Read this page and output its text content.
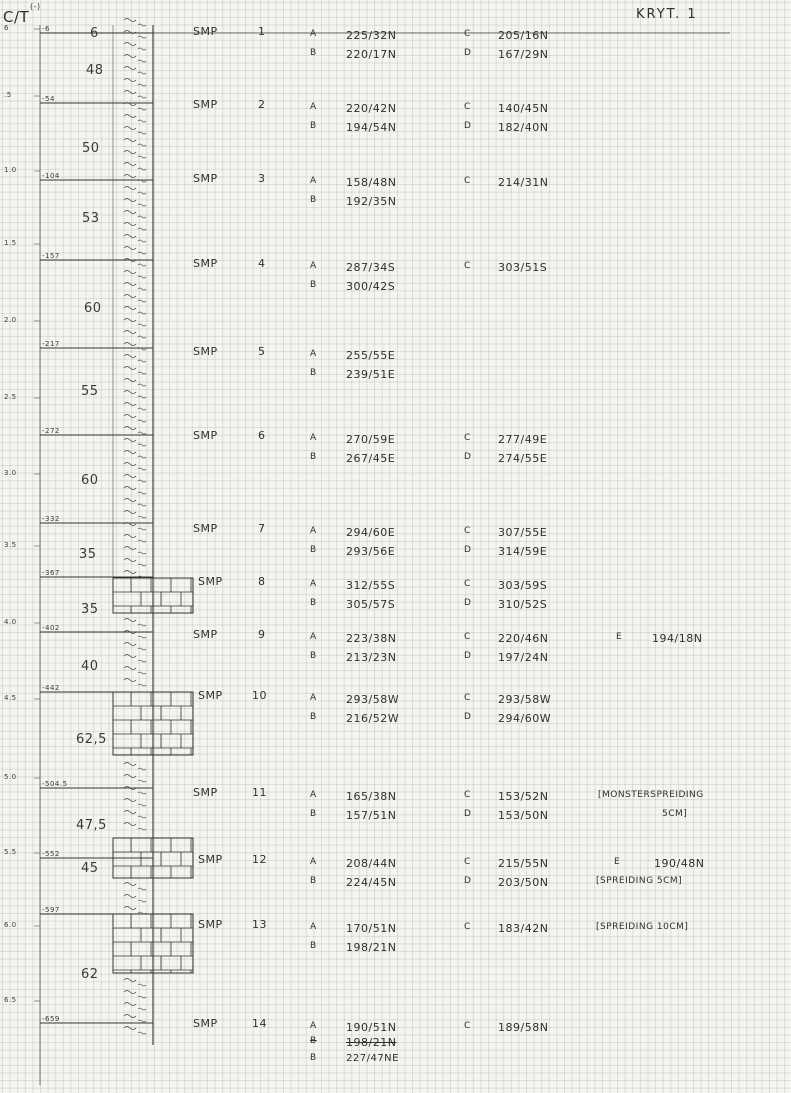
C/T
(-)
KRYT. 1
6
.5
1.0
1.5
2.0
2.5
3.0
3.5
4.0
4.5
5.0
5.5
6.0
6.5
-6
-54
-104
-157
-217
-272
-332
-367
-402
-442
-504.5
-552
-597
-659
6
48
50
53
60
55
60
35
35
40
62,5
47,5
45
62
SMP	1	A	225/32N
B	220/17N
C 205/16N
D 167/29N
SMP	2	A	220/42N
B	194/54N
C 140/45N
D 182/40N
SMP	3	A	158/48N
B	192/35N
C 214/31N
SMP	4	A	287/34S
B	300/42S
C 303/51S
SMP	5	A	255/55E
B	239/51E
SMP	6	A	270/59E
B	267/45E
C 277/49E
D 274/55E
SMP	7	A	294/60E
B	293/56E
C 307/55E
D 314/59E
SMP	8	A	312/55S
B	305/57S
C 303/59S
D 310/52S
SMP	9	A	223/38N
B	213/23N
C 220/46N
D 197/24N
E	194/18N
SMP	10	A	293/58W
B	216/52W
C 293/58W
D 294/60W
SMP	11	A	165/38N
B	157/51N
C 153/52N
D 153/50N
[MONSTERSPREIDING
5CM]
SMP	12	A	208/44N
B	224/45N
C 215/55N
D 203/50N
E	190/48N
[SPREIDING 5CM]
SMP	13	A	170/51N
B	198/21N
C 183/42N	[SPREIDING 10CM]
SMP	14	A	190/51N
B	198/21N
B	227/47NE
C 189/58N
